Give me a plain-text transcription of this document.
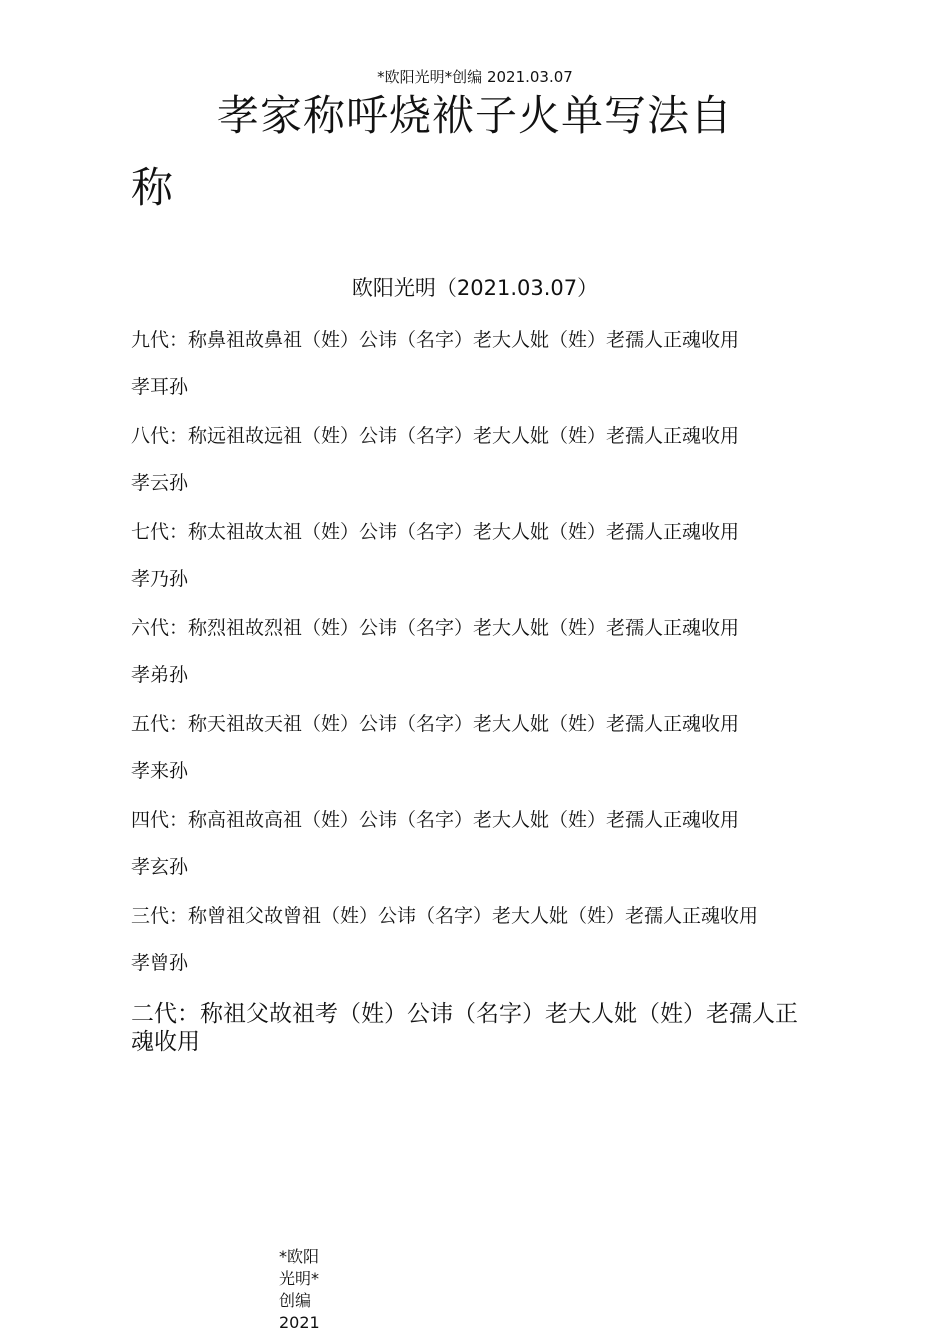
*欧阳光明*创编 2021.03.07
孝家称呼烧袱子火单写法自
称
欧阳光明（2021.03.07）

九代：称鼻祖故鼻祖（姓）公讳（名字）老大人妣（姓）老孺人正魂收用

孝耳孙

八代：称远祖故远祖（姓）公讳（名字）老大人妣（姓）老孺人正魂收用

孝云孙

七代：称太祖故太祖（姓）公讳（名字）老大人妣（姓）老孺人正魂收用

孝乃孙

六代：称烈祖故烈祖（姓）公讳（名字）老大人妣（姓）老孺人正魂收用

孝弟孙

五代：称天祖故天祖（姓）公讳（名字）老大人妣（姓）老孺人正魂收用

孝来孙

四代：称高祖故高祖（姓）公讳（名字）老大人妣（姓）老孺人正魂收用

孝玄孙

三代：称曾祖父故曾祖（姓）公讳（名字）老大人妣（姓）老孺人正魂收用

孝曾孙

二代：称祖父故祖考（姓）公讳（名字）老大人妣（姓）老孺人正魂收用

*欧阳光明*创编2021
